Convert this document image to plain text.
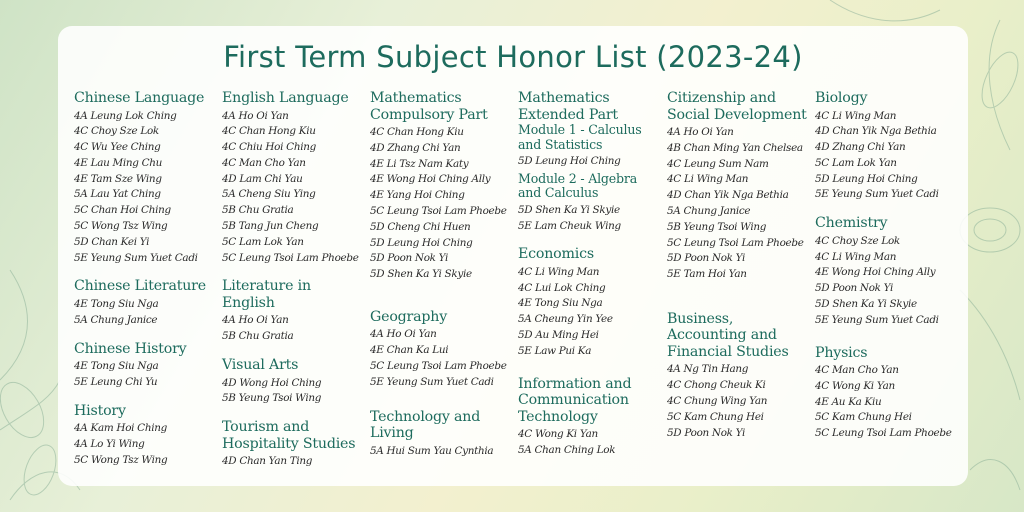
First Term Subject Honor List (2023-24)
Chinese Language
4A Leung Lok Ching
4C Choy Sze Lok
4C Wu Yee Ching
4E Lau Ming Chu
4E Tam Sze Wing
5A Lau Yat Ching
5C Chan Hoi Ching
5C Wong Tsz Wing
5D Chan Kei Yi
5E Yeung Sum Yuet Cadi
Chinese Literature
4E Tong Siu Nga
5A Chung Janice
Chinese History
4E Tong Siu Nga
5E Leung Chi Yu
History
4A Kam Hoi Ching
4A Lo Yi Wing
5C Wong Tsz Wing
English Language
4A Ho Oi Yan
4C Chan Hong Kiu
4C Chiu Hoi Ching
4C Man Cho Yan
4D Lam Chi Yau
5A Cheng Siu Ying
5B Chu Gratia
5B Tang Jun Cheng
5C Lam Lok Yan
5C Leung Tsoi Lam Phoebe
Literature in
English
4A Ho Oi Yan
5B Chu Gratia
Visual Arts
4D Wong Hoi Ching
5B Yeung Tsoi Wing
Tourism and
Hospitality Studies
4D Chan Yan Ting
Mathematics
Compulsory Part
4C Chan Hong Kiu
4D Zhang Chi Yan
4E Li Tsz Nam Katy
4E Wong Hoi Ching Ally
4E Yang Hoi Ching
5C Leung Tsoi Lam Phoebe
5D Cheng Chi Huen
5D Leung Hoi Ching
5D Poon Nok Yi
5D Shen Ka Yi Skyie
Geography
4A Ho Oi Yan
4E Chan Ka Lui
5C Leung Tsoi Lam Phoebe
5E Yeung Sum Yuet Cadi
Technology and
Living
5A Hui Sum Yau Cynthia
Mathematics
Extended Part
Module 1 - Calculus
and Statistics
5D Leung Hoi Ching
Module 2 - Algebra
and Calculus
5D Shen Ka Yi Skyie
5E Lam Cheuk Wing
Economics
4C Li Wing Man
4C Lui Lok Ching
4E Tong Siu Nga
5A Cheung Yin Yee
5D Au Ming Hei
5E Law Pui Ka
Information and
Communication
Technology
4C Wong Ki Yan
5A Chan Ching Lok
Citizenship and
Social Development
4A Ho Oi Yan
4B Chan Ming Yan Chelsea
4C Leung Sum Nam
4C Li Wing Man
4D Chan Yik Nga Bethia
5A Chung Janice
5B Yeung Tsoi Wing
5C Leung Tsoi Lam Phoebe
5D Poon Nok Yi
5E Tam Hoi Yan
Business,
Accounting and
Financial Studies
4A Ng Tin Hang
4C Chong Cheuk Ki
4C Chung Wing Yan
5C Kam Chung Hei
5D Poon Nok Yi
Biology
4C Li Wing Man
4D Chan Yik Nga Bethia
4D Zhang Chi Yan
5C Lam Lok Yan
5D Leung Hoi Ching
5E Yeung Sum Yuet Cadi
Chemistry
4C Choy Sze Lok
4C Li Wing Man
4E Wong Hoi Ching Ally
5D Poon Nok Yi
5D Shen Ka Yi Skyie
5E Yeung Sum Yuet Cadi
Physics
4C Man Cho Yan
4C Wong Ki Yan
4E Au Ka Kiu
5C Kam Chung Hei
5C Leung Tsoi Lam Phoebe
